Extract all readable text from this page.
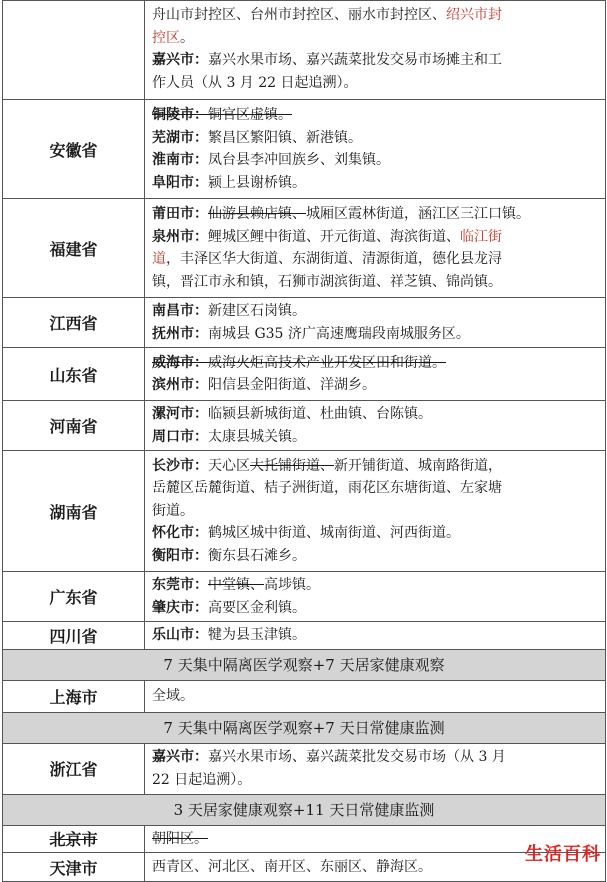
	舟山市封控区、台州市封控区、丽水市封控区、绍兴市封
控区。
嘉兴市：嘉兴水果市场、嘉兴蔬菜批发交易市场摊主和工
作人员（从 3 月 22 日起追溯）。

安徽省	铜陵市：铜官区虚镇。
芜湖市：繁昌区繁阳镇、新港镇。
淮南市：凤台县李冲回族乡、刘集镇。
阜阳市：颍上县谢桥镇。

福建省	莆田市：仙游县赖店镇、城厢区霞林街道，涵江区三江口镇。
泉州市：鲤城区鲤中街道、开元街道、海滨街道、临江街
道，丰泽区华大街道、东湖街道、清源街道，德化县龙浔
镇，晋江市永和镇，石狮市湖滨街道、祥芝镇、锦尚镇。

江西省	南昌市：新建区石岗镇。
抚州市：南城县 G35 济广高速鹰瑞段南城服务区。

山东省	威海市：威海火炬高技术产业开发区田和街道。
滨州市：阳信县金阳街道、洋湖乡。

河南省	漯河市：临颍县新城街道、杜曲镇、台陈镇。
周口市：太康县城关镇。

湖南省	长沙市：天心区大托铺街道、新开铺街道、城南路街道，
岳麓区岳麓街道、桔子洲街道，雨花区东塘街道、左家塘
街道。
怀化市：鹤城区城中街道、城南街道、河西街道。
衡阳市：衡东县石滩乡。

广东省	东莞市：中堂镇、高埗镇。
肇庆市：高要区金利镇。

四川省	乐山市：犍为县玉津镇。

7 天集中隔离医学观察+7 天居家健康观察	
上海市	全域。

7 天集中隔离医学观察+7 天日常健康监测	
浙江省	嘉兴市：嘉兴水果市场、嘉兴蔬菜批发交易市场（从 3 月
22 日起追溯）。

3 天居家健康观察+11 天日常健康监测	
北京市	朝阳区。

天津市	西青区、河北区、南开区、东丽区、静海区。
生活百科
